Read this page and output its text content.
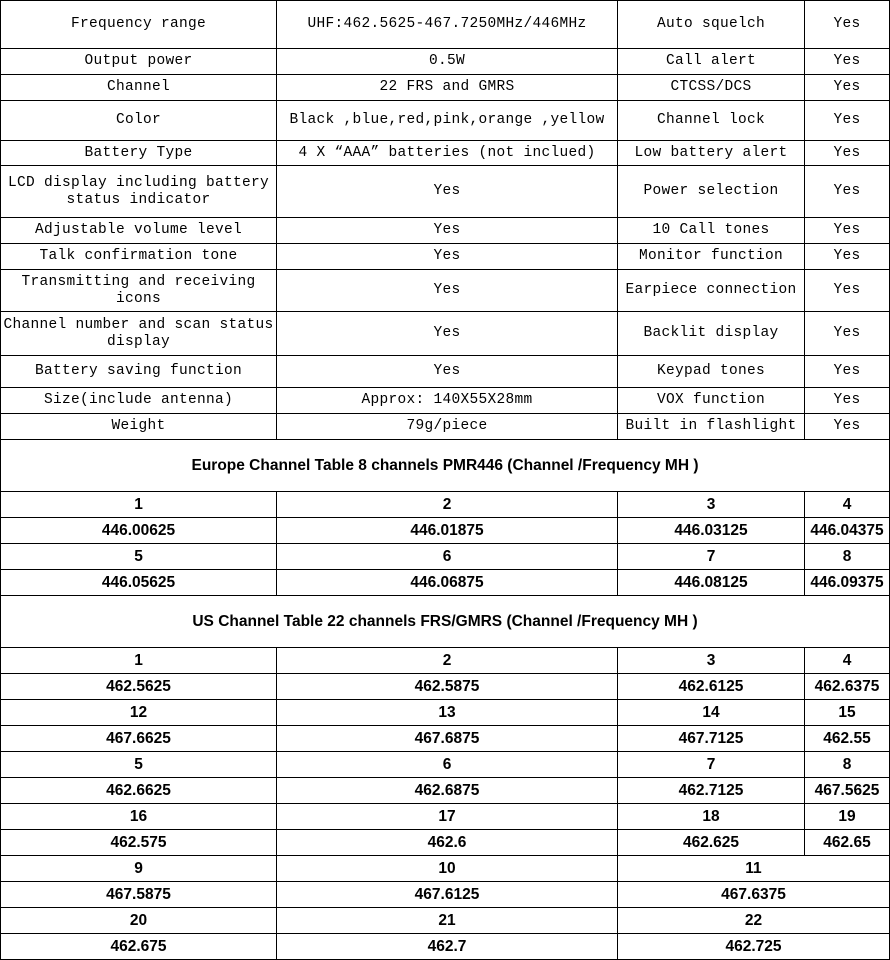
Frequency range	UHF:462.5625-467.7250MHz/446MHz	Auto squelch	Yes
Output power	0.5W	Call alert	Yes
Channel	22 FRS and GMRS	CTCSS/DCS	Yes
Color	Black ,blue,red,pink,orange ,yellow	Channel lock	Yes
Battery Type	4 X “AAA” batteries (not inclued)	Low battery alert	Yes
LCD display including battery status indicator	Yes	Power selection	Yes
Adjustable volume level	Yes	10 Call tones	Yes
Talk confirmation tone	Yes	Monitor function	Yes
Transmitting and receiving icons	Yes	Earpiece connection	Yes
Channel number and scan status display	Yes	Backlit display	Yes
Battery saving function	Yes	Keypad tones	Yes
Size(include antenna)	Approx: 140X55X28mm	VOX function	Yes
Weight	79g/piece	Built in flashlight	Yes
Europe Channel Table 8 channels PMR446 (Channel /Frequency MH )			
1	2	3	4
446.00625	446.01875	446.03125	446.04375
5	6	7	8
446.05625	446.06875	446.08125	446.09375
US Channel Table 22 channels FRS/GMRS (Channel /Frequency MH )			
1	2	3	4
462.5625	462.5875	462.6125	462.6375
12	13	14	15
467.6625	467.6875	467.7125	462.55
5	6	7	8
462.6625	462.6875	462.7125	467.5625
16	17	18	19
462.575	462.6	462.625	462.65
9	10	11	
467.5875	467.6125	467.6375	
20	21	22	
462.675	462.7	462.725	
